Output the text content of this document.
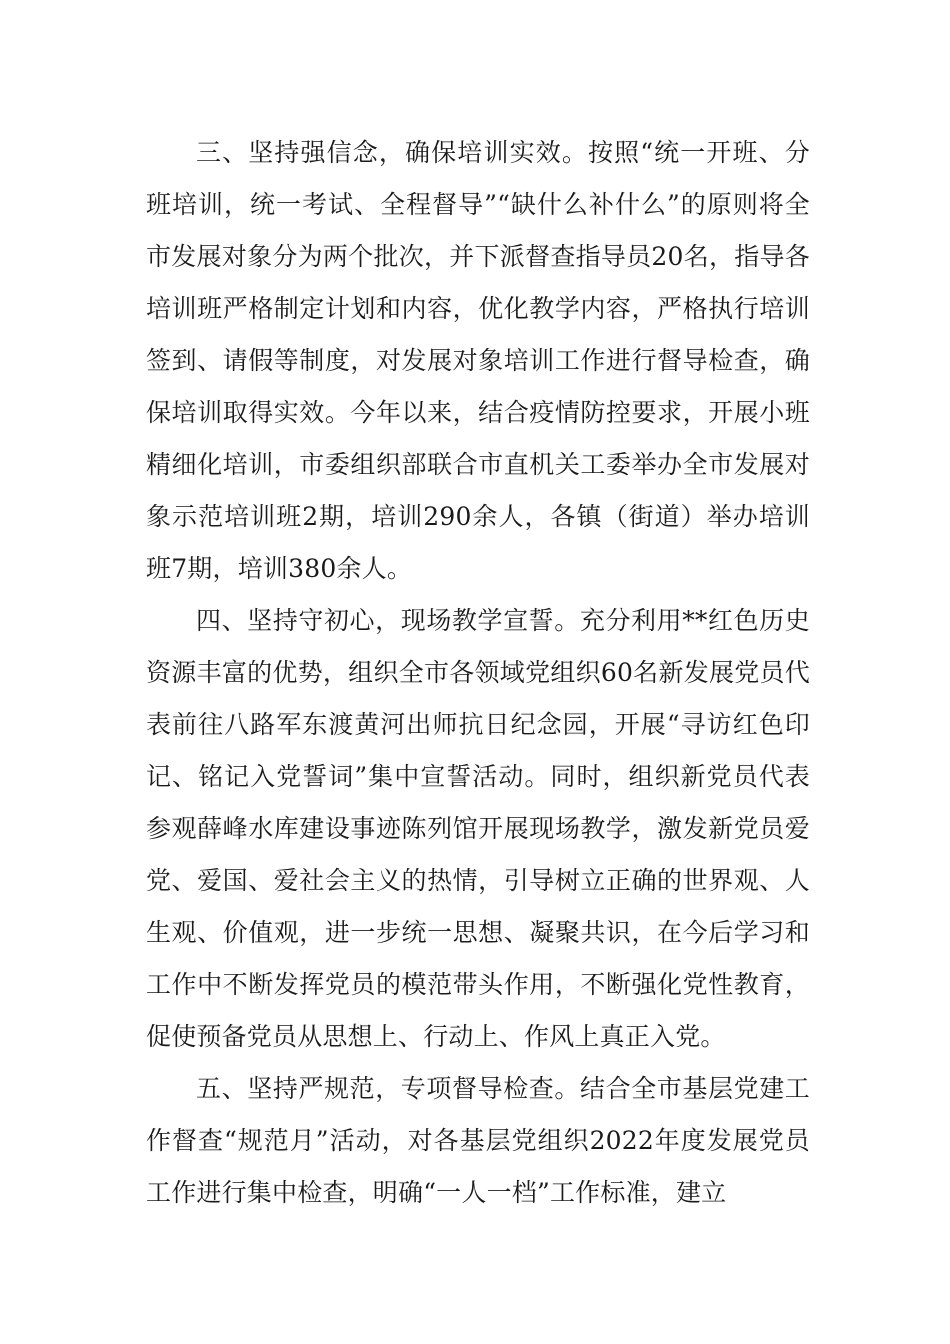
三、坚持强信念，确保培训实效。按照“统一开班、分班培训，统一考试、全程督导”“缺什么补什么”的原则将全市发展对象分为两个批次，并下派督查指导员20名，指导各培训班严格制定计划和内容，优化教学内容，严格执行培训签到、请假等制度，对发展对象培训工作进行督导检查，确保培训取得实效。今年以来，结合疫情防控要求，开展小班精细化培训，市委组织部联合市直机关工委举办全市发展对象示范培训班2期，培训290余人，各镇（街道）举办培训班7期，培训380余人。

四、坚持守初心，现场教学宣誓。充分利用**红色历史资源丰富的优势，组织全市各领域党组织60名新发展党员代表前往八路军东渡黄河出师抗日纪念园，开展“寻访红色印记、铭记入党誓词”集中宣誓活动。同时，组织新党员代表参观薛峰水库建设事迹陈列馆开展现场教学，激发新党员爱党、爱国、爱社会主义的热情，引导树立正确的世界观、人生观、价值观，进一步统一思想、凝聚共识，在今后学习和工作中不断发挥党员的模范带头作用，不断强化党性教育，促使预备党员从思想上、行动上、作风上真正入党。

五、坚持严规范，专项督导检查。结合全市基层党建工作督查“规范月”活动，对各基层党组织2022年度发展党员工作进行集中检查，明确“一人一档”工作标准，建立
